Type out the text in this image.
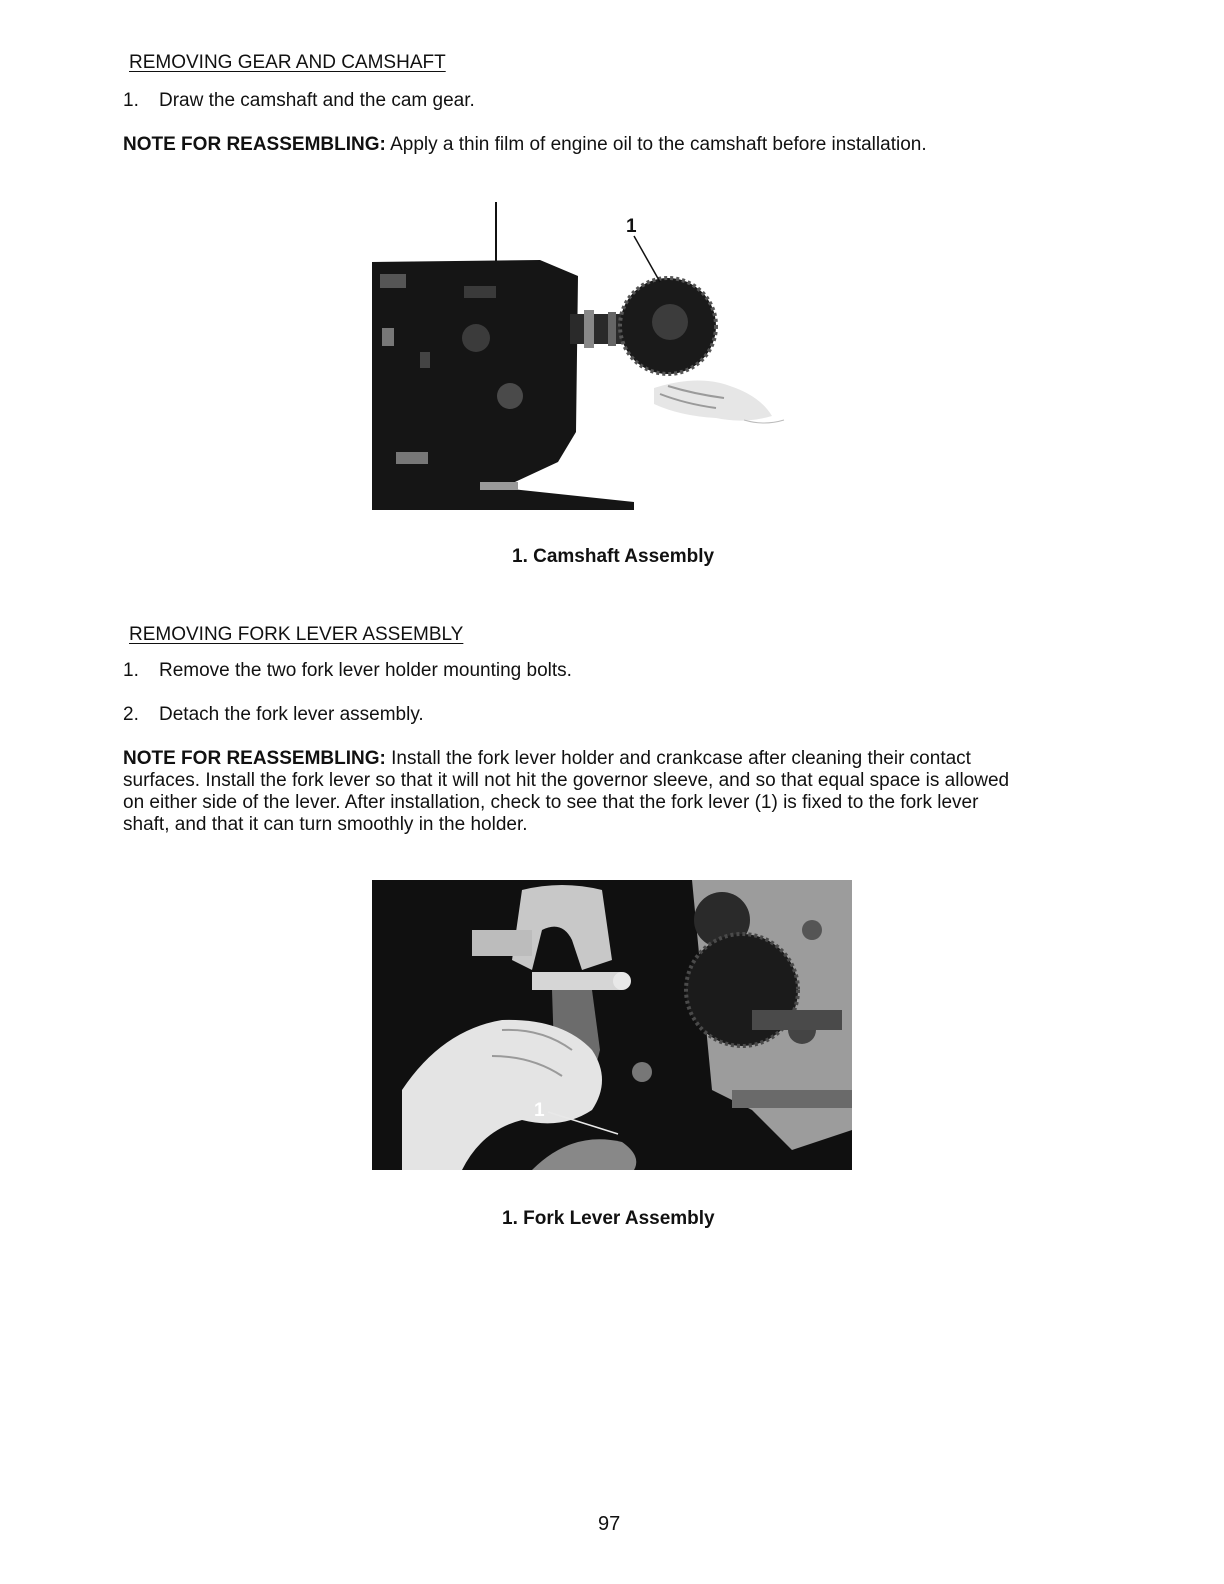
REMOVING GEAR AND CAMSHAFT
1. Draw the camshaft and the cam gear.
NOTE FOR REASSEMBLING: Apply a thin film of engine oil to the camshaft before installation.
1
1. Camshaft Assembly
REMOVING FORK LEVER ASSEMBLY
1. Remove the two fork lever holder mounting bolts.
2. Detach the fork lever assembly.
NOTE FOR REASSEMBLING: Install the fork lever holder and crankcase after cleaning their contact surfaces. Install the fork lever so that it will not hit the governor sleeve, and so that equal space is allowed on either side of the lever. After installation, check to see that the fork lever (1) is fixed to the fork lever shaft, and that it can turn smoothly in the holder.
1
1. Fork Lever Assembly
97
